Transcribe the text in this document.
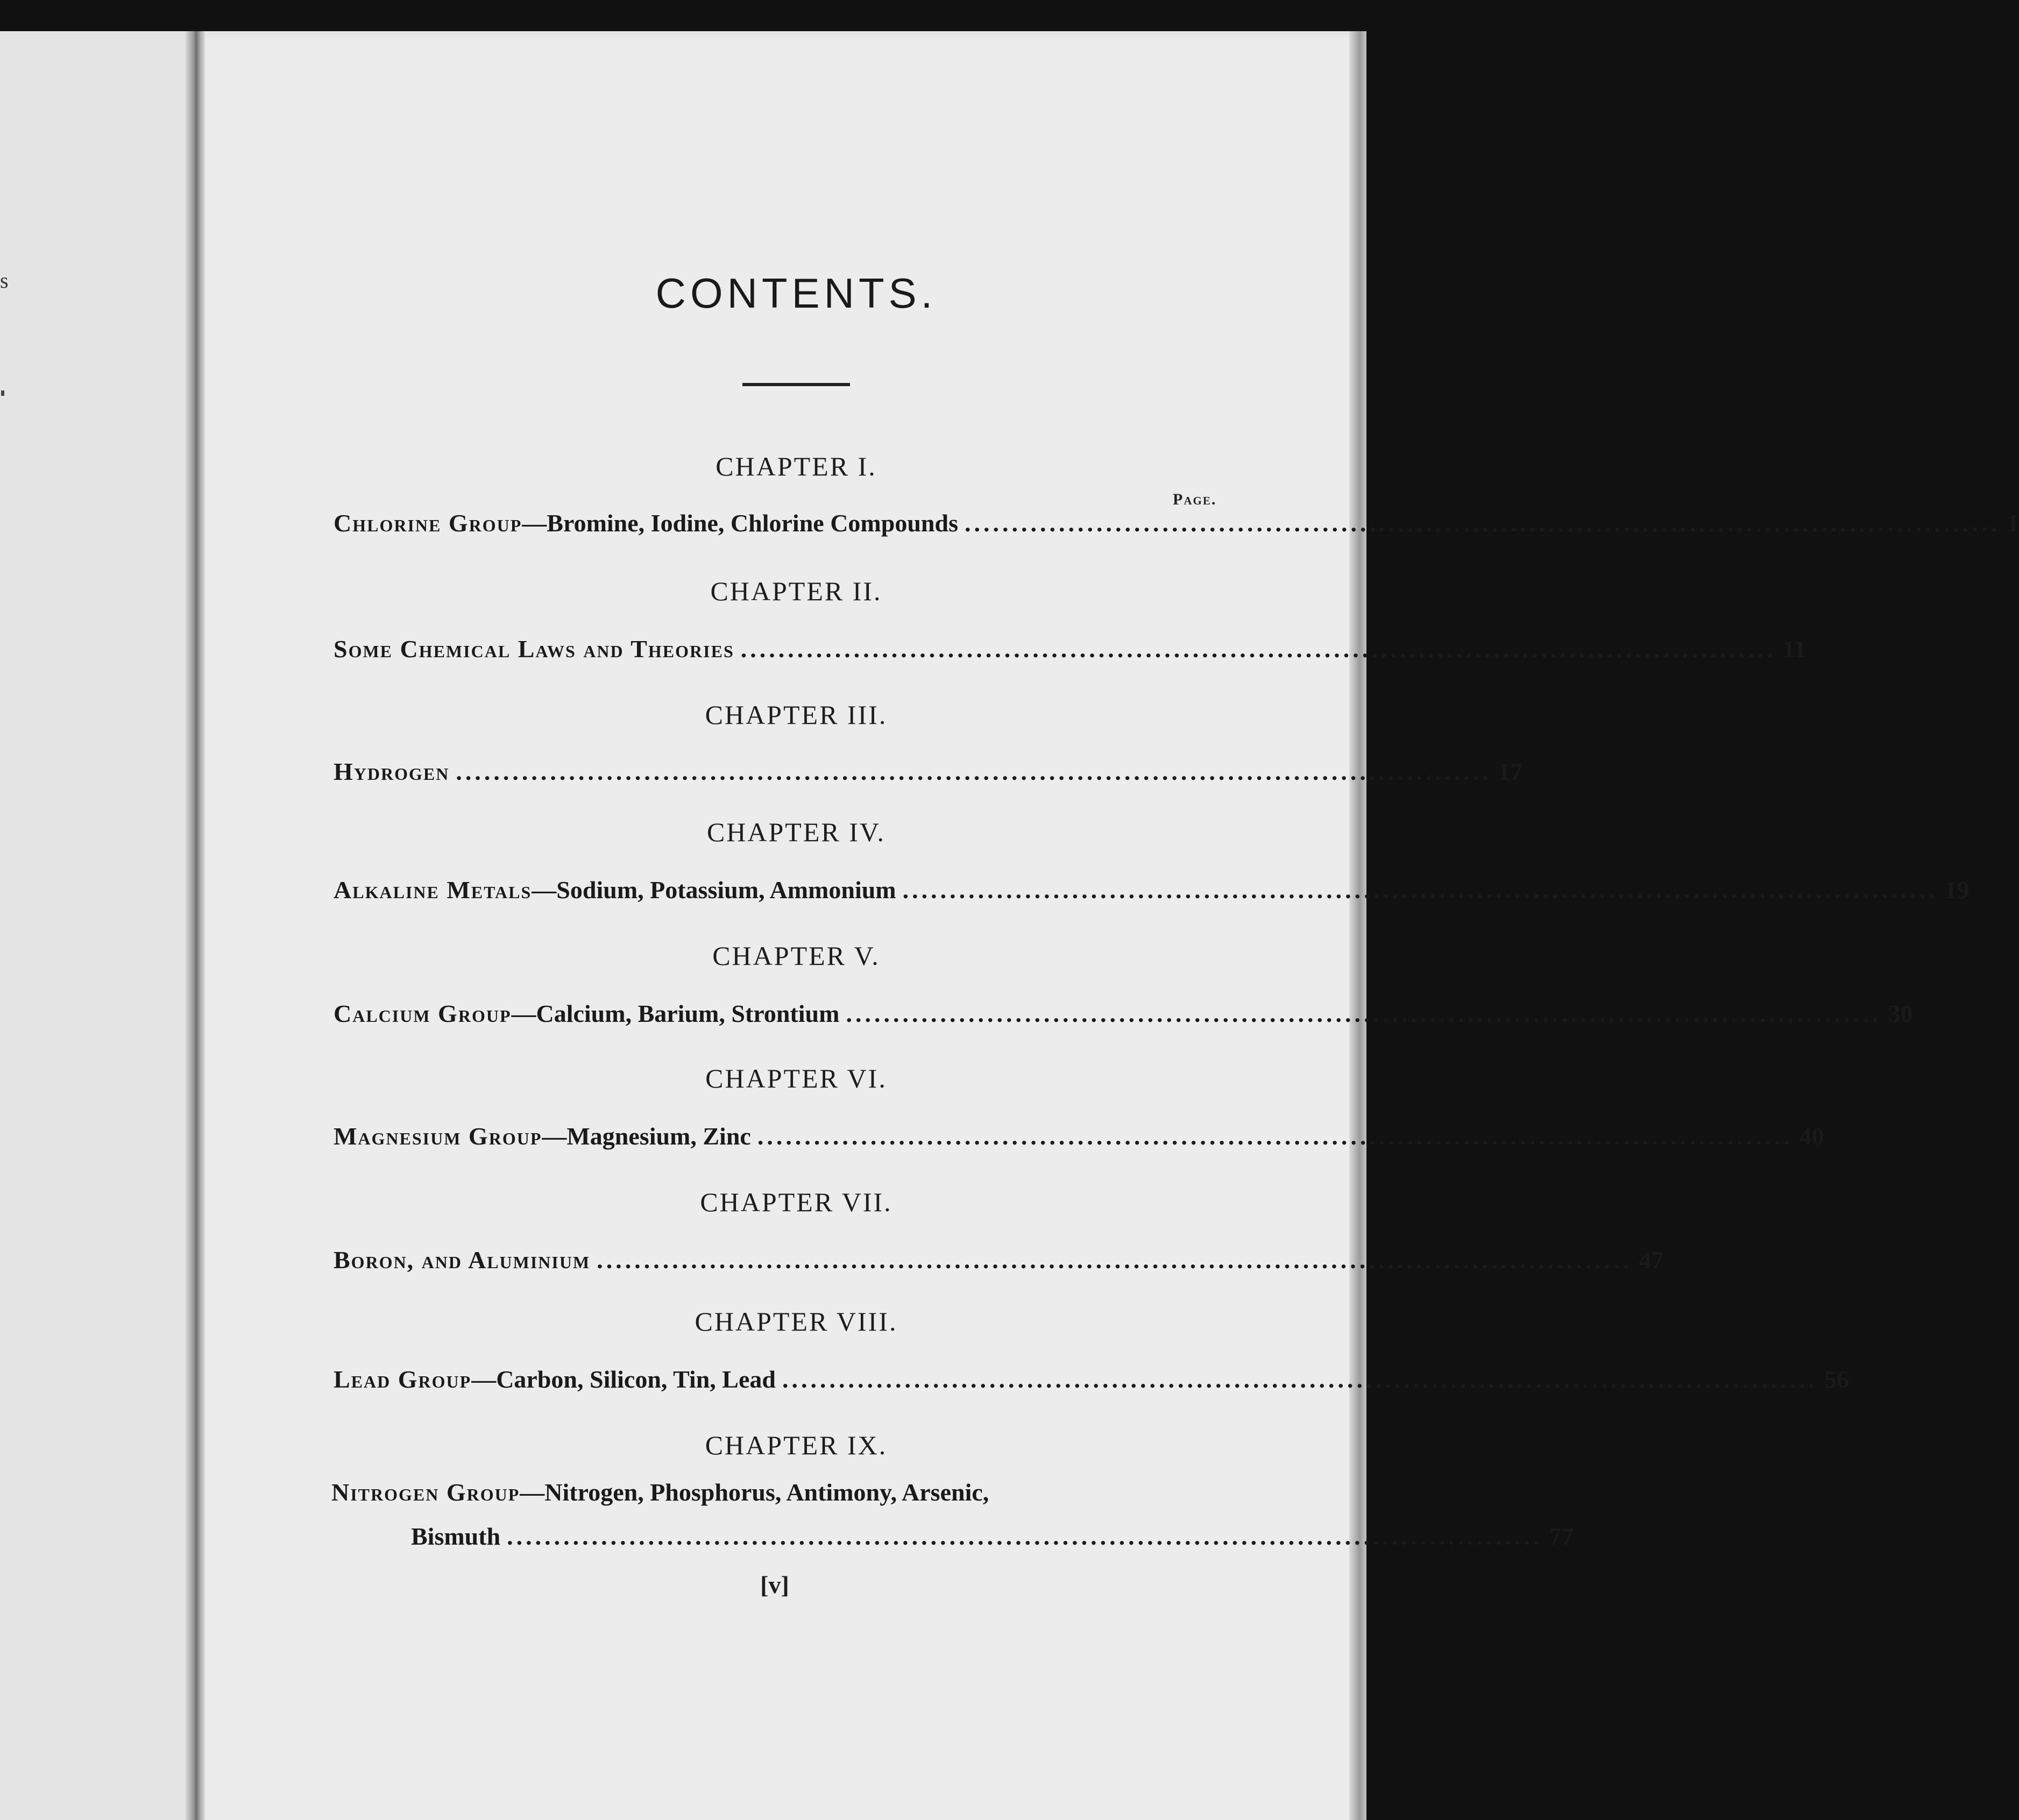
s	CONTENTS.
CHAPTER I.
Page.
Chlorine Group —Bromine, Iodine, Chlorine Compounds .............................................................................................................. 1
CHAPTER II.
Some Chemical Laws and Theories .............................................................................................................. 11
CHAPTER III.
Hydrogen .............................................................................................................. 17
CHAPTER IV.
Alkaline Metals —Sodium, Potassium, Ammonium .............................................................................................................. 19
CHAPTER V.
Calcium Group —Calcium, Barium, Strontium .............................................................................................................. 30
CHAPTER VI.
Magnesium Group —Magnesium, Zinc .............................................................................................................. 40
CHAPTER VII.
Boron, and Aluminium .............................................................................................................. 47
CHAPTER VIII.
Lead Group —Carbon, Silicon, Tin, Lead .............................................................................................................. 56
CHAPTER IX.
Nitrogen Group—Nitrogen, Phosphorus, Antimony, Arsenic,
Bismuth .............................................................................................................. 77
[v]
